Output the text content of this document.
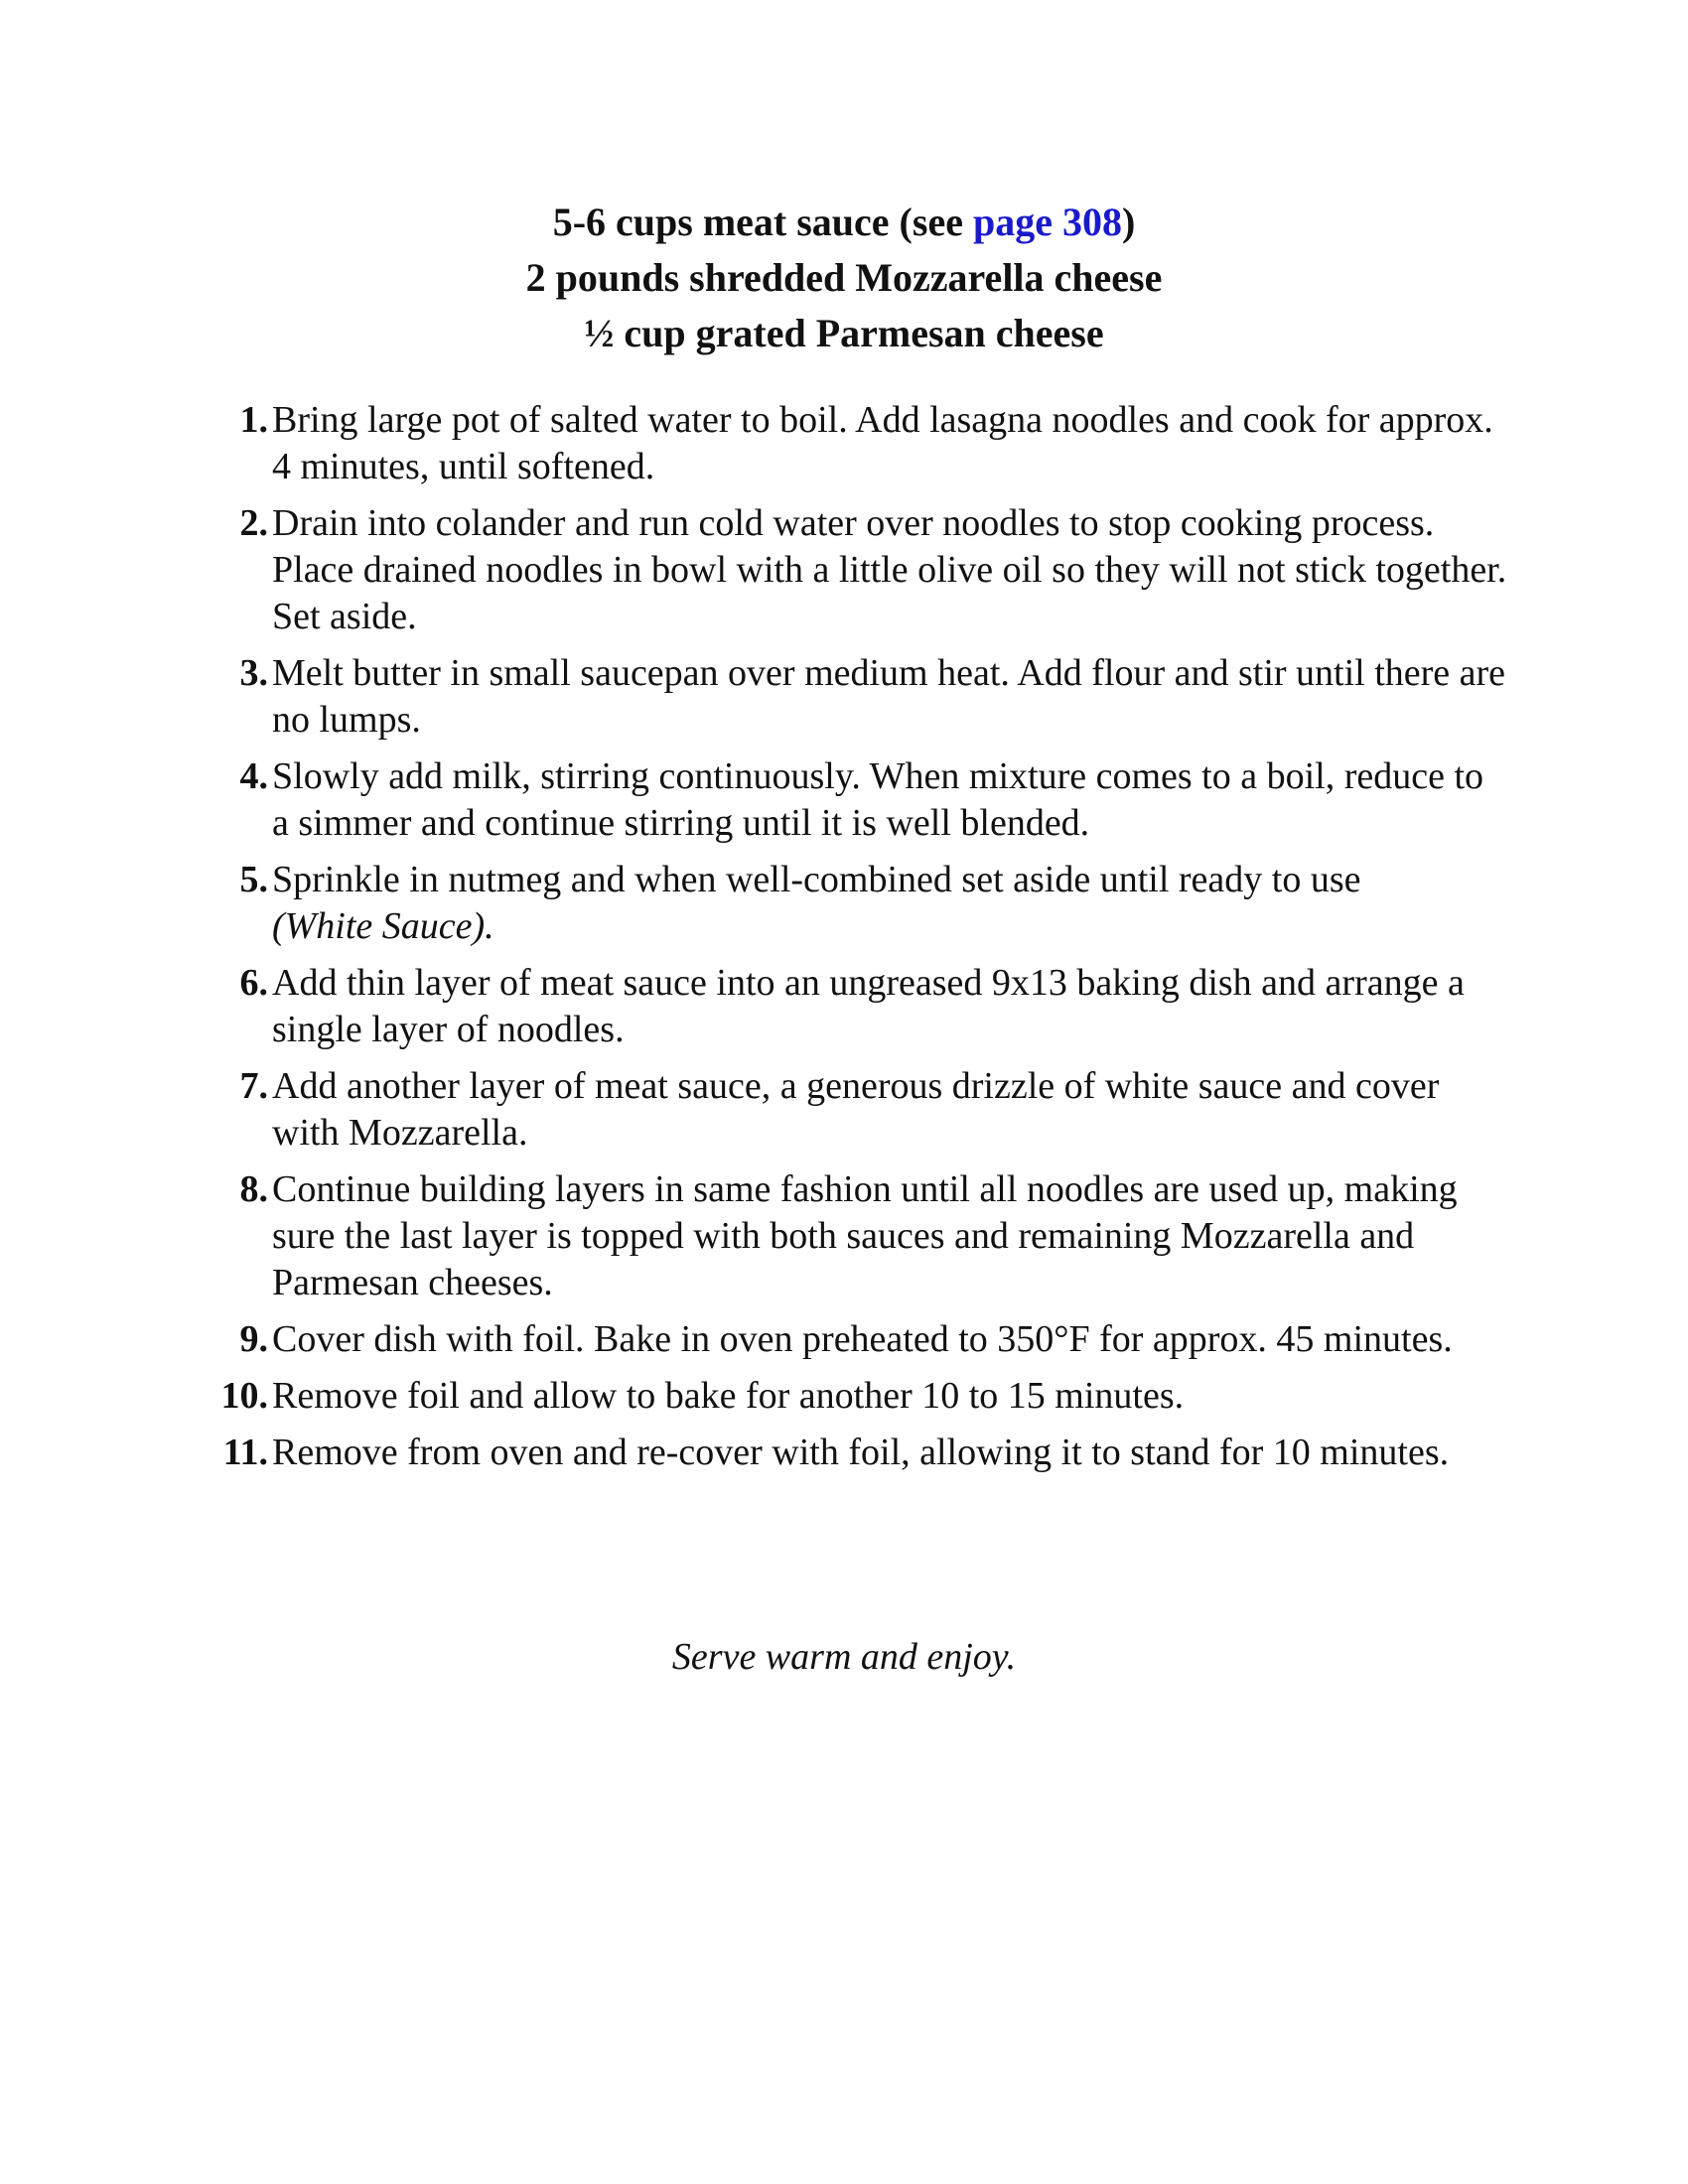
5-6 cups meat sauce (see page 308)
2 pounds shredded Mozzarella cheese
½ cup grated Parmesan cheese
1. Bring large pot of salted water to boil. Add lasagna noodles and cook for approx. 4 minutes, until softened.
2. Drain into colander and run cold water over noodles to stop cooking process. Place drained noodles in bowl with a little olive oil so they will not stick together. Set aside.
3. Melt butter in small saucepan over medium heat. Add flour and stir until there are no lumps.
4. Slowly add milk, stirring continuously. When mixture comes to a boil, reduce to a simmer and continue stirring until it is well blended.
5. Sprinkle in nutmeg and when well-combined set aside until ready to use
(White Sauce).
6. Add thin layer of meat sauce into an ungreased 9x13 baking dish and arrange a single layer of noodles.
7. Add another layer of meat sauce, a generous drizzle of white sauce and cover with Mozzarella.
8. Continue building layers in same fashion until all noodles are used up, making sure the last layer is topped with both sauces and remaining Mozzarella and Parmesan cheeses.
9. Cover dish with foil. Bake in oven preheated to 350°F for approx. 45 minutes.
10. Remove foil and allow to bake for another 10 to 15 minutes.
11. Remove from oven and re-cover with foil, allowing it to stand for 10 minutes.
Serve warm and enjoy.
